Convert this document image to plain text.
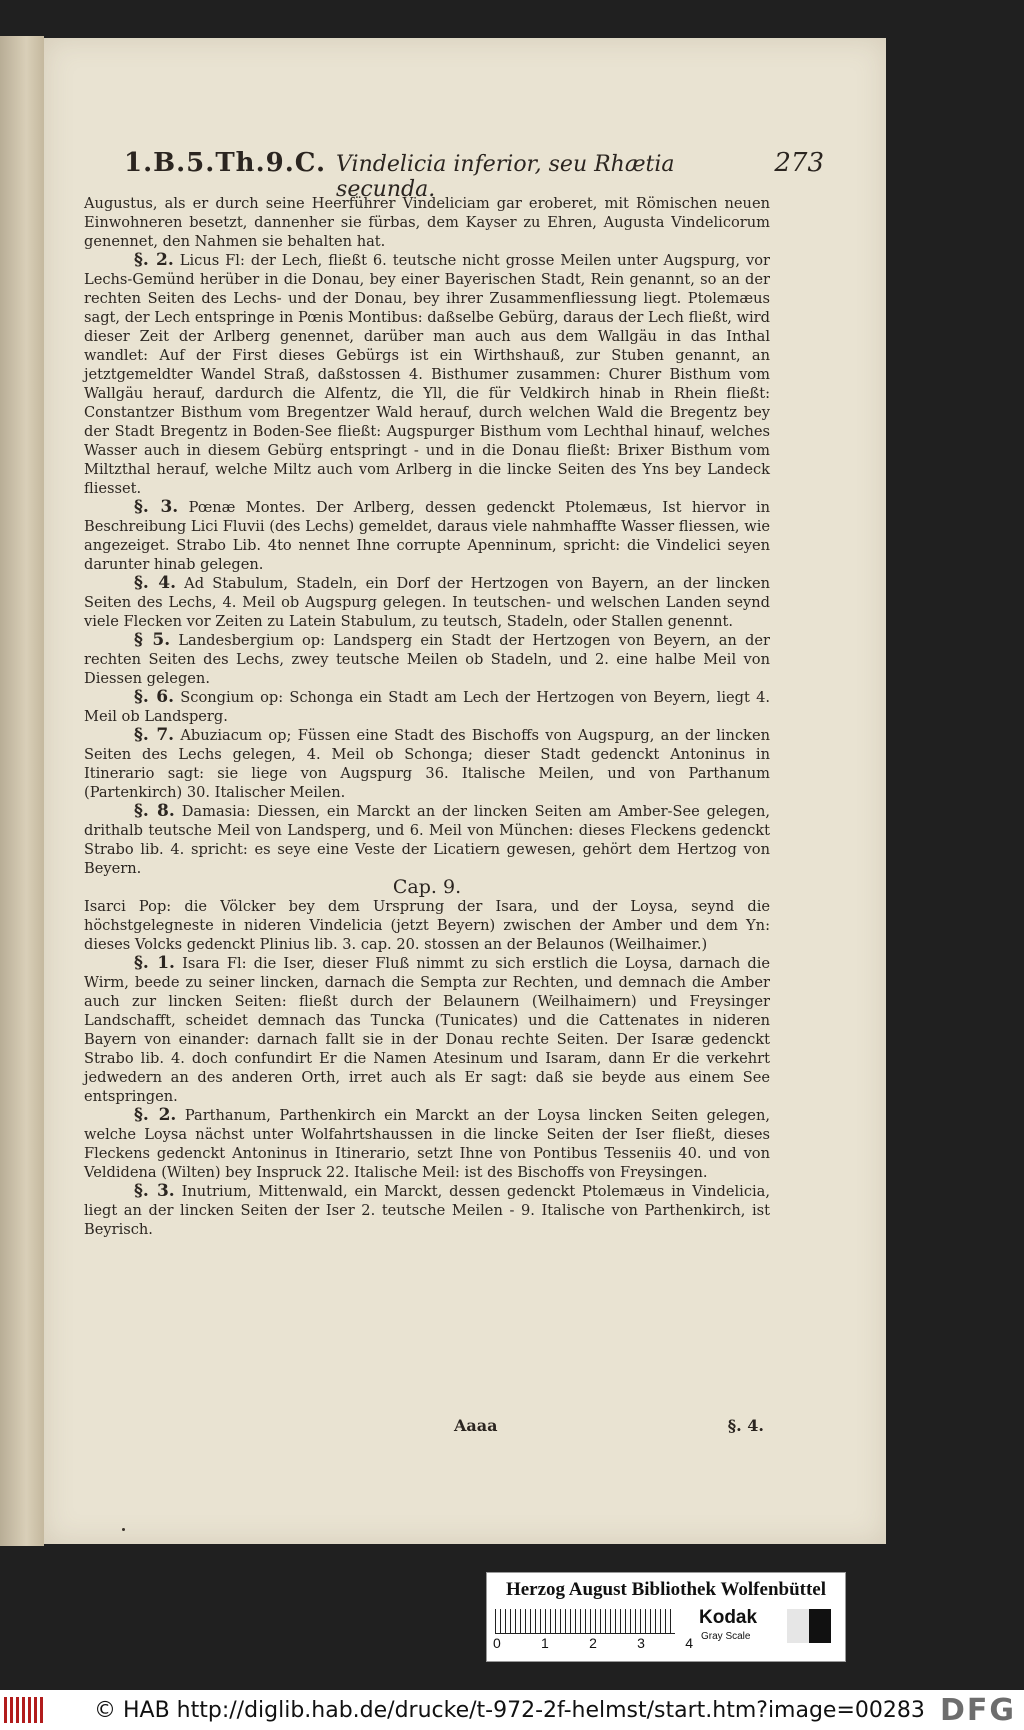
1.B.5.Th.9.C. Vindelicia inferior, seu Rhætia secunda.
273

Augustus, als er durch seine Heerführer Vindeliciam gar eroberet, mit Römischen neuen Einwohneren besetzt, dannenher sie fürbas, dem Kayser zu Ehren, Augusta Vindelicorum genennet, den Nahmen sie behalten hat.

§. 2. Licus Fl: der Lech, fließt 6. teutsche nicht grosse Meilen unter Augspurg, vor Lechs-Gemünd herüber in die Donau, bey einer Bayerischen Stadt, Rein genannt, so an der rechten Seiten des Lechs- und der Donau, bey ihrer Zusammenfliessung liegt. Ptolemæus sagt, der Lech entspringe in Pœnis Montibus: daßselbe Gebürg, daraus der Lech fließt, wird dieser Zeit der Arlberg genennet, darüber man auch aus dem Wallgäu in das Inthal wandlet: Auf der First dieses Gebürgs ist ein Wirthshauß, zur Stuben genannt, an jetztgemeldter Wandel Straß, daßstossen 4. Bisthumer zusammen: Churer Bisthum vom Wallgäu herauf, dardurch die Alfentz, die Yll, die für Veldkirch hinab in Rhein fließt: Constantzer Bisthum vom Bregentzer Wald herauf, durch welchen Wald die Bregentz bey der Stadt Bregentz in Boden-See fließt: Augspurger Bisthum vom Lechthal hinauf, welches Wasser auch in diesem Gebürg entspringt - und in die Donau fließt: Brixer Bisthum vom Miltzthal herauf, welche Miltz auch vom Arlberg in die lincke Seiten des Yns bey Landeck fliesset.

§. 3. Pœnæ Montes. Der Arlberg, dessen gedenckt Ptolemæus, Ist hiervor in Beschreibung Lici Fluvii (des Lechs) gemeldet, daraus viele nahmhaffte Wasser fliessen, wie angezeiget. Strabo Lib. 4to nennet Ihne corrupte Apenninum, spricht: die Vindelici seyen darunter hinab gelegen.

§. 4. Ad Stabulum, Stadeln, ein Dorf der Hertzogen von Bayern, an der lincken Seiten des Lechs, 4. Meil ob Augspurg gelegen. In teutschen- und welschen Landen seynd viele Flecken vor Zeiten zu Latein Stabulum, zu teutsch, Stadeln, oder Stallen genennt.

§ 5. Landesbergium op: Landsperg ein Stadt der Hertzogen von Beyern, an der rechten Seiten des Lechs, zwey teutsche Meilen ob Stadeln, und 2. eine halbe Meil von Diessen gelegen.

§. 6. Scongium op: Schonga ein Stadt am Lech der Hertzogen von Beyern, liegt 4. Meil ob Landsperg.

§. 7. Abuziacum op; Füssen eine Stadt des Bischoffs von Augspurg, an der lincken Seiten des Lechs gelegen, 4. Meil ob Schonga; dieser Stadt gedenckt Antoninus in Itinerario sagt: sie liege von Augspurg 36. Italische Meilen, und von Parthanum (Partenkirch) 30. Italischer Meilen.

§. 8. Damasia: Diessen, ein Marckt an der lincken Seiten am Amber-See gelegen, drithalb teutsche Meil von Landsperg, und 6. Meil von München: dieses Fleckens gedenckt Strabo lib. 4. spricht: es seye eine Veste der Licatiern gewesen, gehört dem Hertzog von Beyern.

Cap. 9.

Isarci Pop: die Völcker bey dem Ursprung der Isara, und der Loysa, seynd die höchstgelegneste in nideren Vindelicia (jetzt Beyern) zwischen der Amber und dem Yn: dieses Volcks gedenckt Plinius lib. 3. cap. 20. stossen an der Belaunos (Weilhaimer.)

§. 1. Isara Fl: die Iser, dieser Fluß nimmt zu sich erstlich die Loysa, darnach die Wirm, beede zu seiner lincken, darnach die Sempta zur Rechten, und demnach die Amber auch zur lincken Seiten: fließt durch der Belaunern (Weilhaimern) und Freysinger Landschafft, scheidet demnach das Tuncka (Tunicates) und die Cattenates in nideren Bayern von einander: darnach fallt sie in der Donau rechte Seiten. Der Isaræ gedenckt Strabo lib. 4. doch confundirt Er die Namen Atesinum und Isaram, dann Er die verkehrt jedwedern an des anderen Orth, irret auch als Er sagt: daß sie beyde aus einem See entspringen.

§. 2. Parthanum, Parthenkirch ein Marckt an der Loysa lincken Seiten gelegen, welche Loysa nächst unter Wolfahrtshaussen in die lincke Seiten der Iser fließt, dieses Fleckens gedenckt Antoninus in Itinerario, setzt Ihne von Pontibus Tesseniis 40. und von Veldidena (Wilten) bey Inspruck 22. Italische Meil: ist des Bischoffs von Freysingen.

§. 3. Inutrium, Mittenwald, ein Marckt, dessen gedenckt Ptolemæus in Vindelicia, liegt an der lincken Seiten der Iser 2. teutsche Meilen - 9. Italische von Parthenkirch, ist Beyrisch.

Aaaa	§. 4.
Herzog August Bibliothek Wolfenbüttel
0	1	2	3	4
Kodak
Gray Scale
© HAB http://diglib.hab.de/drucke/t-972-2f-helmst/start.htm?image=00283 DFG
